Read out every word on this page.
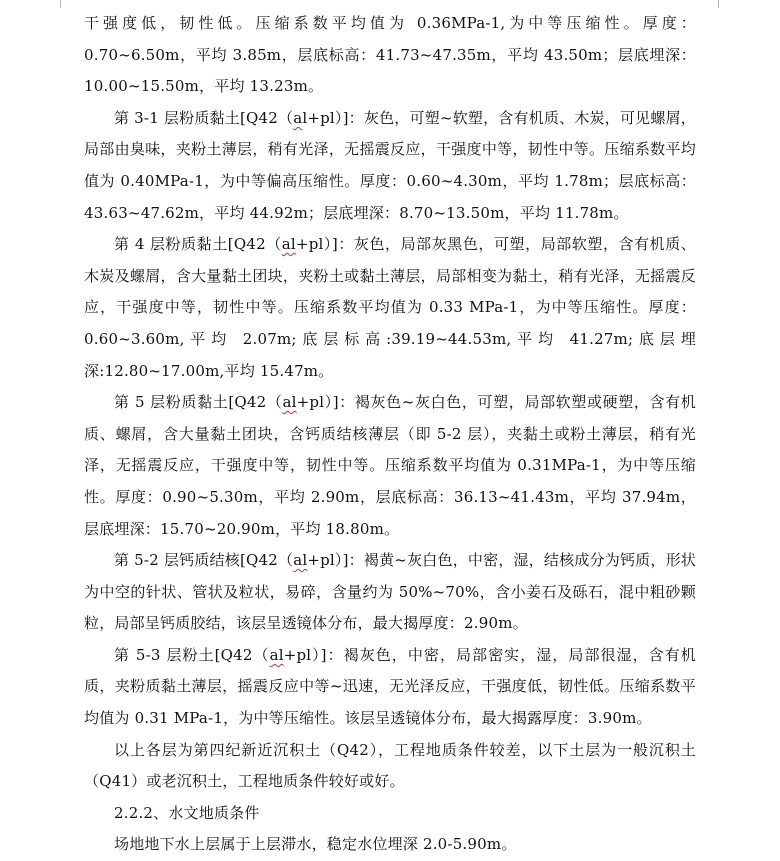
干强度低，韧性低。压缩系数平均值为 0.36MPa-1,为中等压缩性。厚度：0.70~6.50m，平均 3.85m，层底标高：41.73~47.35m，平均 43.50m；层底埋深：10.00~15.50m，平均 13.23m。

第 3-1 层粉质黏土[Q42（al+pl）]：灰色，可塑~软塑，含有机质、木炭，可见螺屑，局部由臭味，夹粉土薄层，稍有光泽，无摇震反应，干强度中等，韧性中等。压缩系数平均值为 0.40MPa-1，为中等偏高压缩性。厚度：0.60~4.30m，平均 1.78m；层底标高：43.63~47.62m，平均 44.92m；层底埋深：8.70~13.50m，平均 11.78m。

第 4 层粉质黏土[Q42（al+pl）]：灰色，局部灰黑色，可塑，局部软塑，含有机质、木炭及螺屑，含大量黏土团块，夹粉土或黏土薄层，局部相变为黏土，稍有光泽，无摇震反应，干强度中等，韧性中等。压缩系数平均值为 0.33 MPa-1，为中等压缩性。厚度：0.60~3.60m,平均 2.07m;底层标高:39.19~44.53m,平均 41.27m;底层埋深:12.80~17.00m,平均 15.47m。

第 5 层粉质黏土[Q42（al+pl）]：褐灰色~灰白色，可塑，局部软塑或硬塑，含有机质、螺屑，含大量黏土团块，含钙质结核薄层（即 5-2 层），夹黏土或粉土薄层，稍有光泽，无摇震反应，干强度中等，韧性中等。压缩系数平均值为 0.31MPa-1，为中等压缩性。厚度：0.90~5.30m，平均 2.90m，层底标高：36.13~41.43m，平均 37.94m，层底埋深：15.70~20.90m，平均 18.80m。

第 5-2 层钙质结核[Q42（al+pl）]：褐黄~灰白色，中密，湿，结核成分为钙质，形状为中空的针状、管状及粒状，易碎，含量约为 50%~70%，含小姜石及砾石，混中粗砂颗粒，局部呈钙质胶结，该层呈透镜体分布，最大揭厚度：2.90m。

第 5-3 层粉土[Q42（al+pl）]：褐灰色，中密，局部密实，湿，局部很湿，含有机质，夹粉质黏土薄层，摇震反应中等~迅速，无光泽反应，干强度低，韧性低。压缩系数平均值为 0.31 MPa-1，为中等压缩性。该层呈透镜体分布，最大揭露厚度：3.90m。

以上各层为第四纪新近沉积土（Q42），工程地质条件较差，以下土层为一般沉积土（Q41）或老沉积土，工程地质条件较好或好。

2.2.2、水文地质条件

场地地下水上层属于上层滞水，稳定水位埋深 2.0-5.90m。
